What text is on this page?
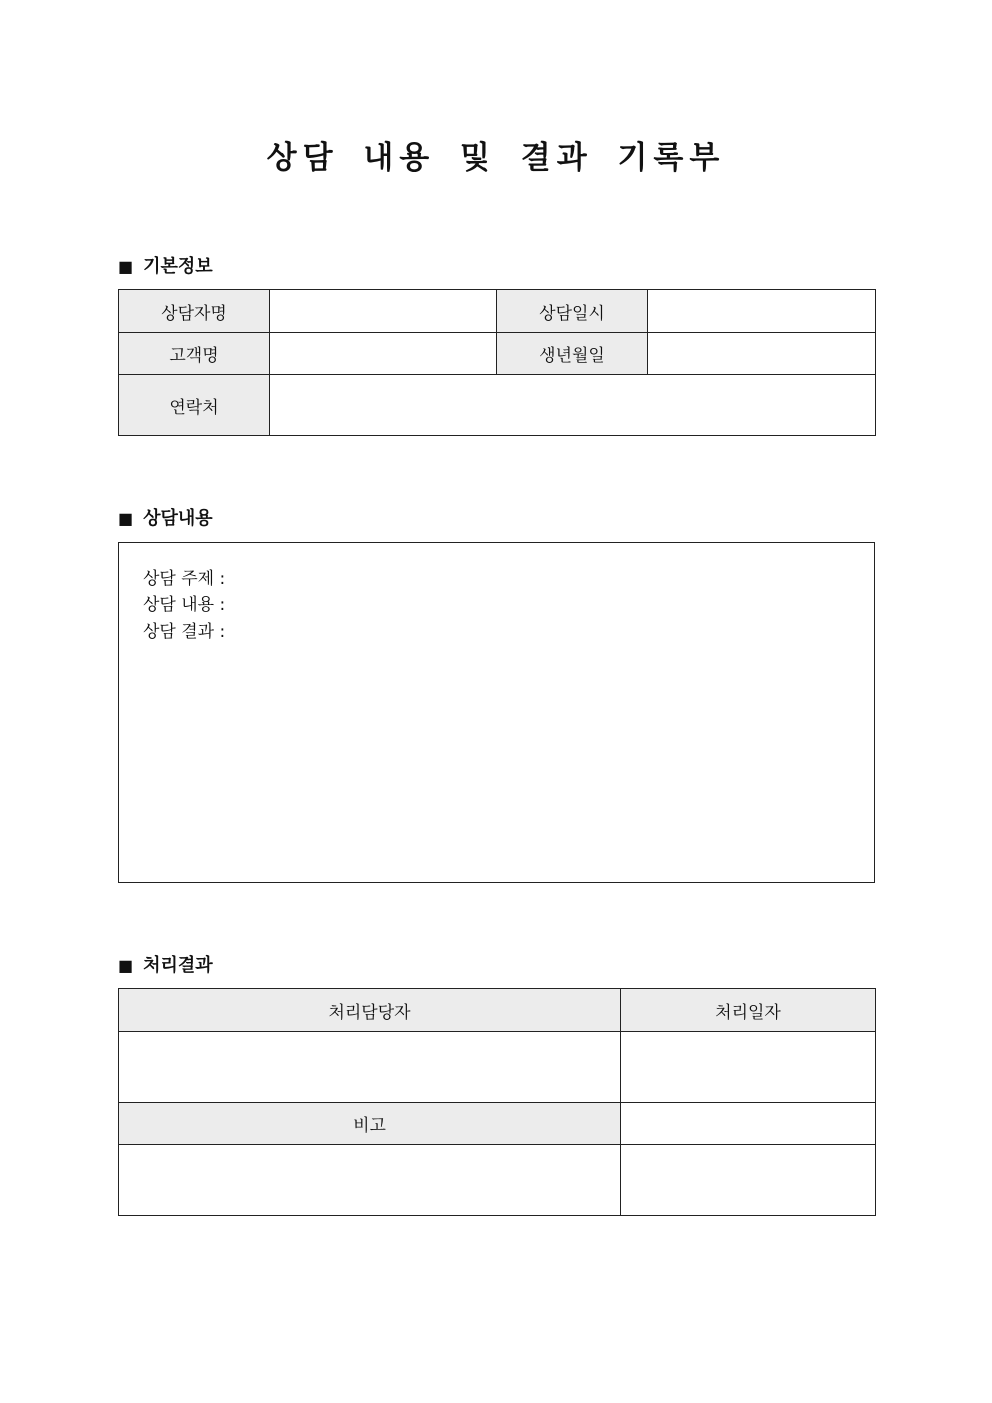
상담 내용 및 결과 기록부
■ 기본정보
상담자명		상담일시	
고객명		생년월일	
연락처			
■ 상담내용
상담 주제 :
상담 내용 :
상담 결과 :
■ 처리결과
처리담당자	처리일자

비고	
